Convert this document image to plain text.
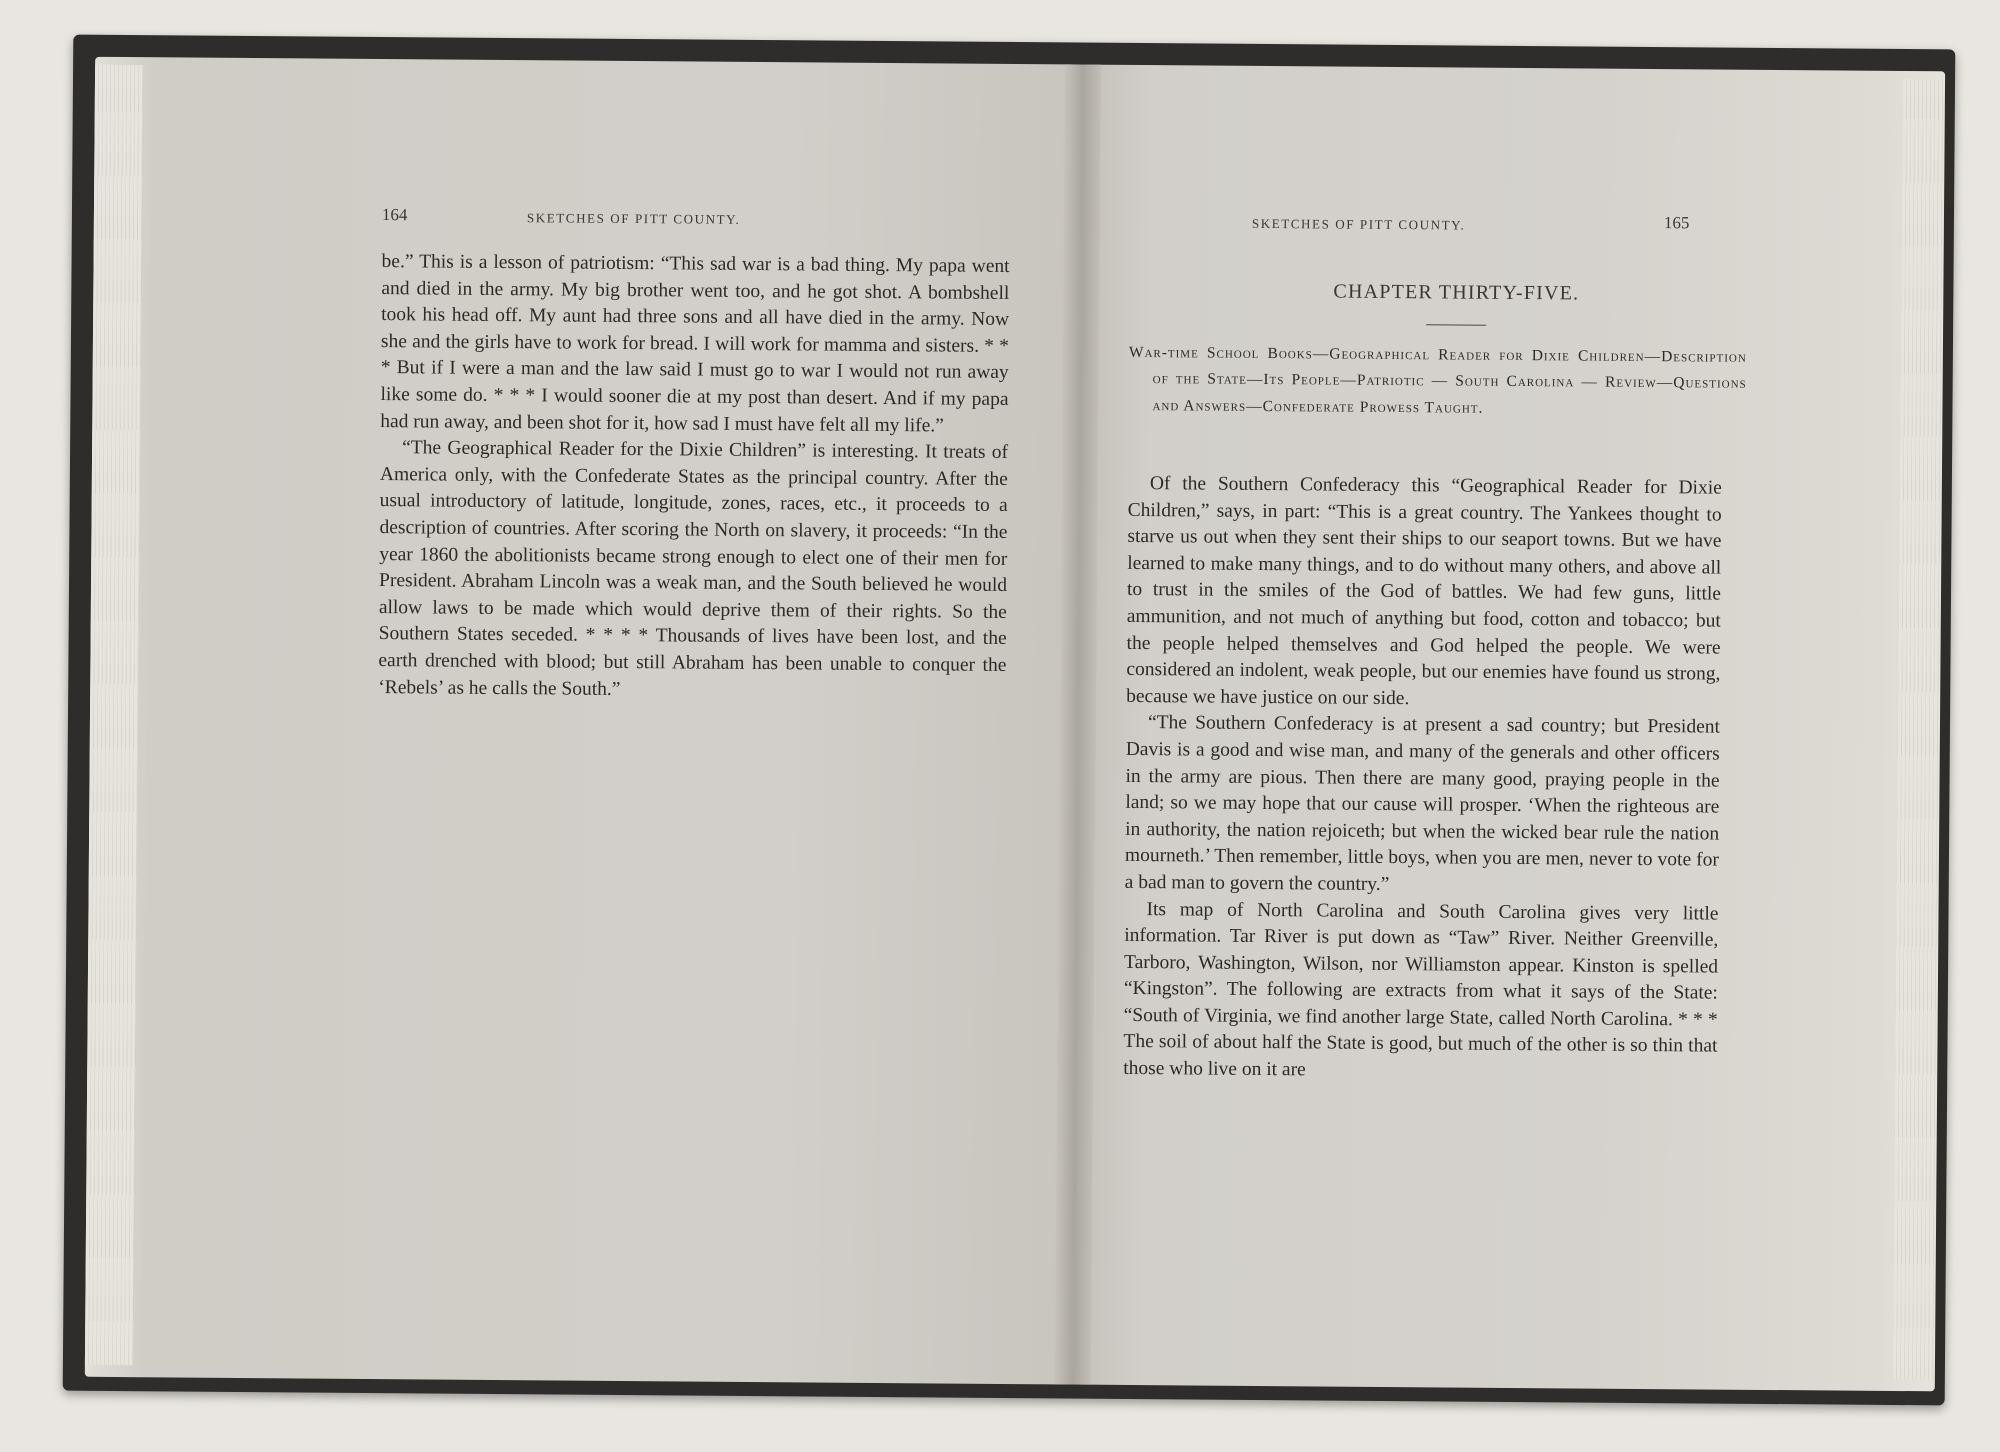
164	SKETCHES OF PITT COUNTY.

be.” This is a lesson of patriotism: “This sad war is a bad thing. My papa went and died in the army. My big brother went too, and he got shot. A bombshell took his head off. My aunt had three sons and all have died in the army. Now she and the girls have to work for bread. I will work for mamma and sisters. * * * But if I were a man and the law said I must go to war I would not run away like some do. * * * I would sooner die at my post than desert. And if my papa had run away, and been shot for it, how sad I must have felt all my life.”

“The Geographical Reader for the Dixie Children” is interesting. It treats of America only, with the Confederate States as the principal country. After the usual introductory of latitude, longitude, zones, races, etc., it proceeds to a description of countries. After scoring the North on slavery, it proceeds: “In the year 1860 the abolitionists became strong enough to elect one of their men for President. Abraham Lincoln was a weak man, and the South believed he would allow laws to be made which would deprive them of their rights. So the Southern States seceded. * * * * Thousands of lives have been lost, and the earth drenched with blood; but still Abraham has been unable to conquer the ‘Rebels’ as he calls the South.”

SKETCHES OF PITT COUNTY.	165
CHAPTER THIRTY-FIVE.
War-time School Books—Geographical Reader for Dixie Children—Description of the State—Its People—Patriotic — South Carolina — Review—Questions and Answers—Confederate Prowess Taught.

Of the Southern Confederacy this “Geographical Reader for Dixie Children,” says, in part: “This is a great country. The Yankees thought to starve us out when they sent their ships to our seaport towns. But we have learned to make many things, and to do without many others, and above all to trust in the smiles of the God of battles. We had few guns, little ammunition, and not much of anything but food, cotton and tobacco; but the people helped themselves and God helped the people. We were considered an indolent, weak people, but our enemies have found us strong, because we have justice on our side.

“The Southern Confederacy is at present a sad country; but President Davis is a good and wise man, and many of the generals and other officers in the army are pious. Then there are many good, praying people in the land; so we may hope that our cause will prosper. ‘When the righteous are in authority, the nation rejoiceth; but when the wicked bear rule the nation mourneth.’ Then remember, little boys, when you are men, never to vote for a bad man to govern the country.”

Its map of North Carolina and South Carolina gives very little information. Tar River is put down as “Taw” River. Neither Greenville, Tarboro, Washington, Wilson, nor Williamston appear. Kinston is spelled “Kingston”. The following are extracts from what it says of the State: “South of Virginia, we find another large State, called North Carolina. * * * The soil of about half the State is good, but much of the other is so thin that those who live on it are
